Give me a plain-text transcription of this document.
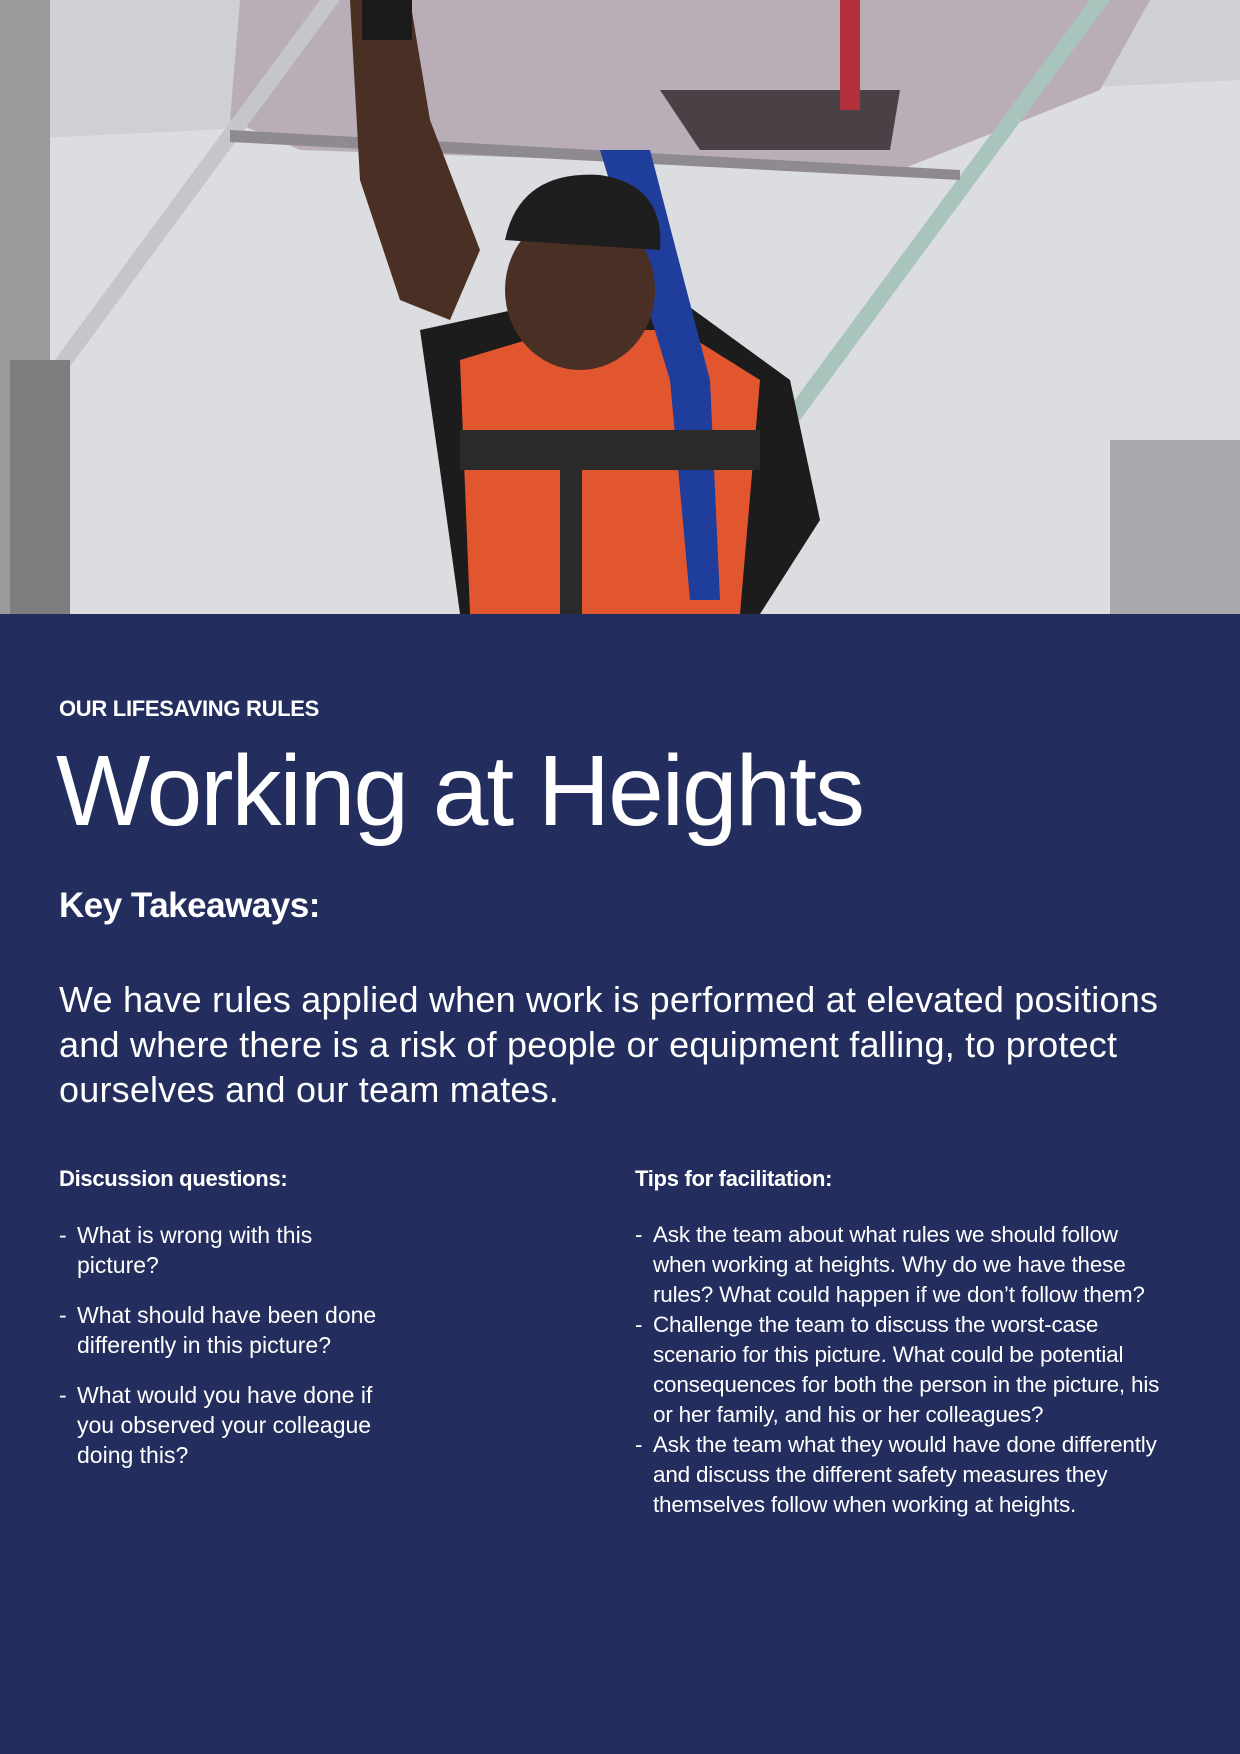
OUR LIFESAVING RULES
Working at Heights
Key Takeaways:
We have rules applied when work is performed at elevated positions and where there is a risk of people or equipment falling, to protect ourselves and our team mates.
Discussion questions:
- What is wrong with this picture?
- What should have been done differently in this picture?
- What would you have done if you observed your colleague doing this?
Tips for facilitation:
- Ask the team about what rules we should follow when working at heights. Why do we have these rules? What could happen if we don’t follow them?
- Challenge the team to discuss the worst-case scenario for this picture. What could be potential consequences for both the person in the picture, his or her family, and his or her colleagues?
- Ask the team what they would have done differently and discuss the different safety measures they themselves follow when working at heights.
